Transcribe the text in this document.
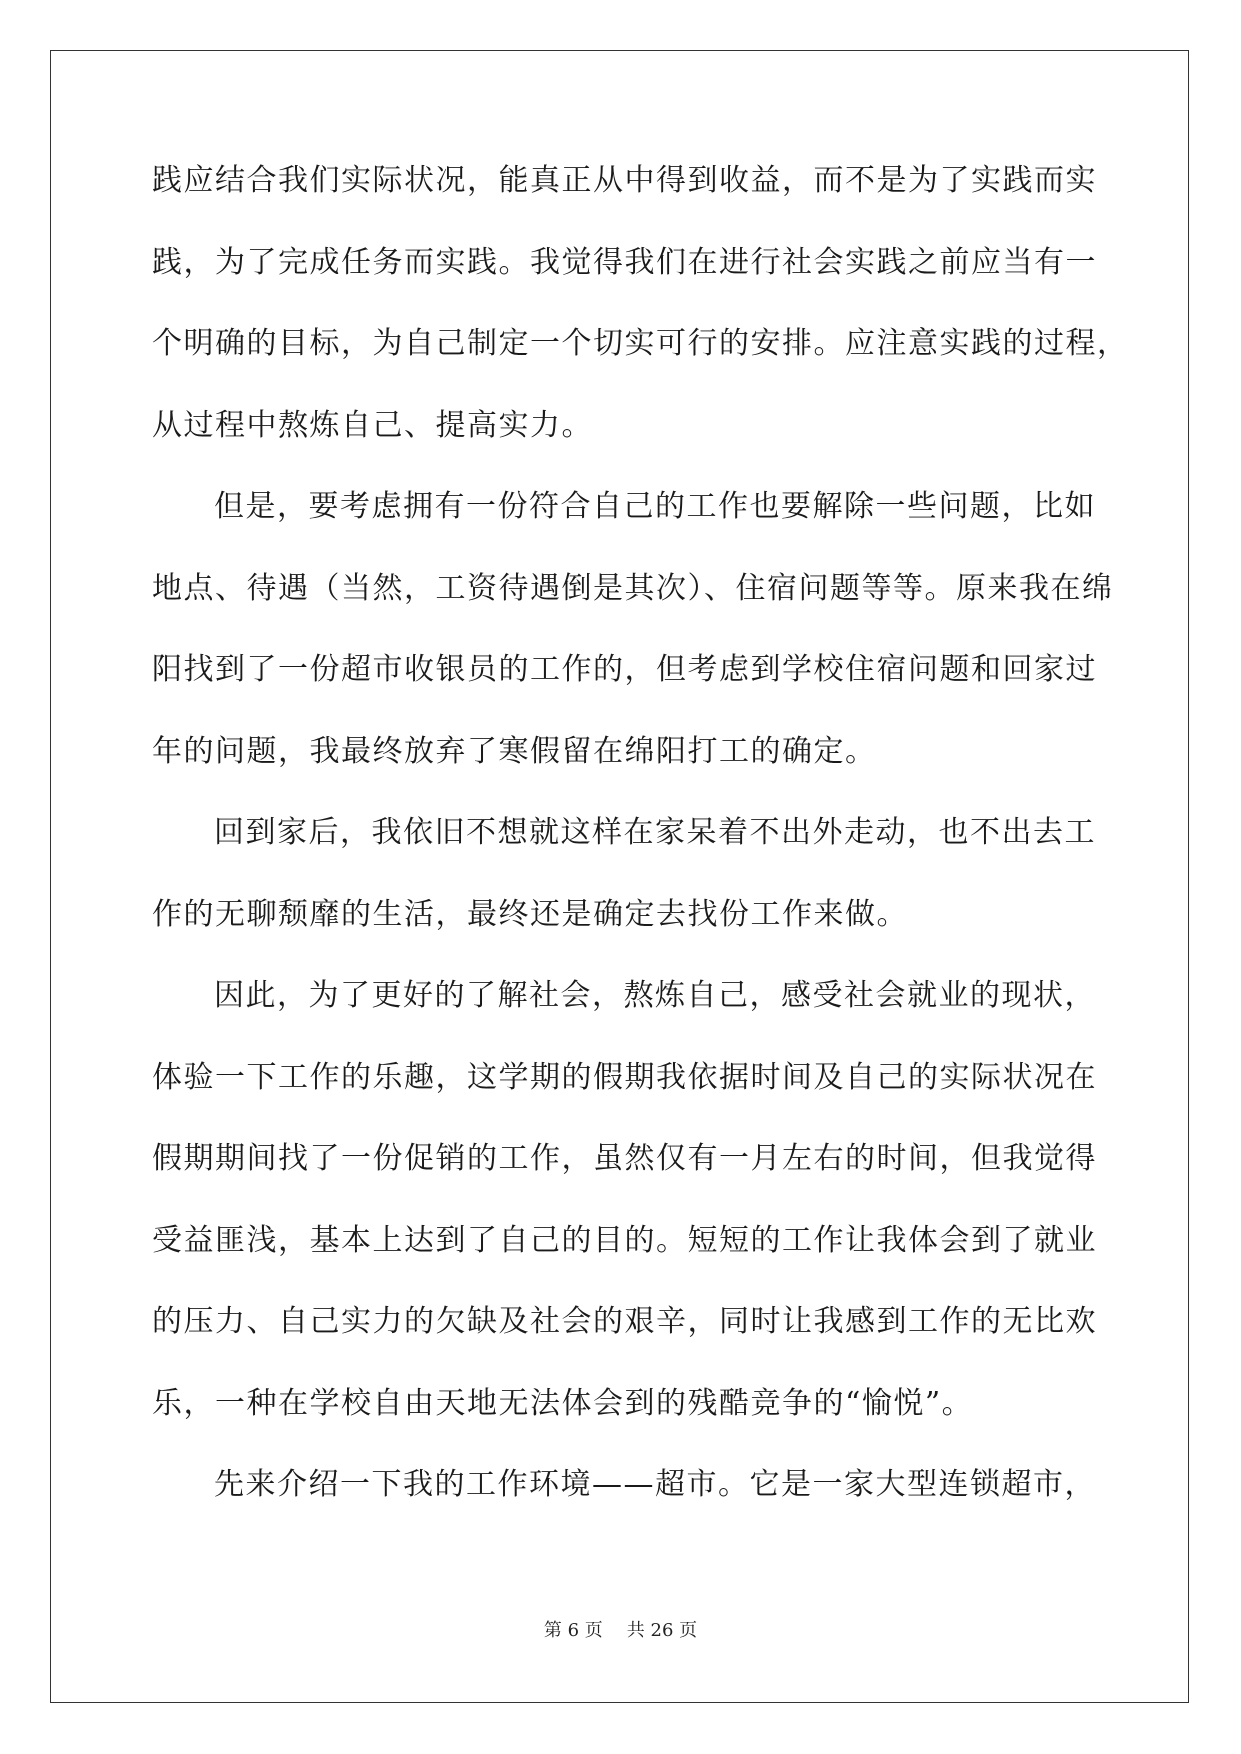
践应结合我们实际状况，能真正从中得到收益，而不是为了实践而实
践，为了完成任务而实践。我觉得我们在进行社会实践之前应当有一
个明确的目标，为自己制定一个切实可行的安排。应注意实践的过程，
从过程中熬炼自己、提高实力。
但是，要考虑拥有一份符合自己的工作也要解除一些问题，比如
地点、待遇（当然，工资待遇倒是其次）、住宿问题等等。原来我在绵
阳找到了一份超市收银员的工作的，但考虑到学校住宿问题和回家过
年的问题，我最终放弃了寒假留在绵阳打工的确定。
回到家后，我依旧不想就这样在家呆着不出外走动，也不出去工
作的无聊颓靡的生活，最终还是确定去找份工作来做。
因此，为了更好的了解社会，熬炼自己，感受社会就业的现状，
体验一下工作的乐趣，这学期的假期我依据时间及自己的实际状况在
假期期间找了一份促销的工作，虽然仅有一月左右的时间，但我觉得
受益匪浅，基本上达到了自己的目的。短短的工作让我体会到了就业
的压力、自己实力的欠缺及社会的艰辛，同时让我感到工作的无比欢
乐，一种在学校自由天地无法体会到的残酷竞争的“愉悦”。
先来介绍一下我的工作环境——超市。它是一家大型连锁超市，
第 6 页 共 26 页
